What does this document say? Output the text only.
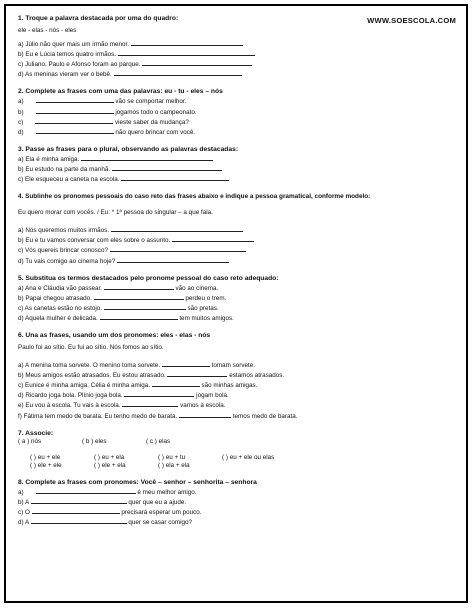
WWW.SOESCOLA.COM
1. Troque a palavra destacada por uma do quadro:
ele - elas - nós - eles
a) Júlio não quer mais um irmão menor.
b) Eu e Lúcia temos quatro irmãos.
c) Juliano, Paulo e Afonso foram ao parque.
d) As meninas vieram ver o bebê.
2. Complete as frases com uma das palavras: eu - tu - eles – nós
a)	vão se comportar melhor.
b)	jogamos todo o campeonato.
c)	vieste saber da mudança?
d)	não quero brincar com você.
3. Passe as frases para o plural, observando as palavras destacadas:
a) Ela é minha amiga.
b) Eu estudo na parte da manhã.
c) Ele esqueceu a caneta na escola.
4. Sublinhe os pronomes pessoais do caso reto das frases abaixo e indique a pessoa gramatical, conforme modelo:
Eu quero morar com vocês. / Eu: * 1ª pessoa do singular – a que fala.
a) Nós queremos muitos irmãos.
b) Eu e tu vamos conversar com eles sobre o assunto.
c) Vós quereis brincar conosco?
d) Tu vais comigo ao cinema hoje?
5. Substitua os termos destacados pelo pronome pessoal do caso reto adequado:
a) Ana e Cláudia vão passear.	vão ao cinema.
b) Papai chegou atrasado.	perdeu o trem.
c) As canetas estão no estojo.	são pretas.
d) Aquela mulher é delicada.	tem muitos amigos.
6. Una as frases, usando um dos pronomes: eles - elas - nós
Paulo foi ao sítio. Eu fui ao sítio. Nós fomos ao sítio.
a) A menina toma sorvete. O menino toma sorvete.	tomam sorvete.
b) Meus amigos estão atrasados. Eu estou atrasado.	estamos atrasados.
c) Eunice é minha amiga. Célia é minha amiga.	são minhas amigas.
d) Ricardo joga bola. Plínio joga bola.	jogam bola.
e) Eu vou à escola. Tu vais à escola.	vamos à escola.
f) Fátima tem medo de barata. Eu tenho medo de barata.	temos medo de barata.
7. Associe:
( a ) nós	( b ) eles	( c ) elas
( ) eu + ele	( ) eu + ela	( ) eu + tu	( ) eu + ele ou elas
( ) ele + ele	( ) ele + ela	( ) ela + ela
8. Complete as frases com pronomes: Você – senhor – senhorita – senhora
a)	é meu melhor amigo.
b) A	quer que eu a ajude.
c) O	precisará esperar um pouco.
d) A	quer se casar comigo?
